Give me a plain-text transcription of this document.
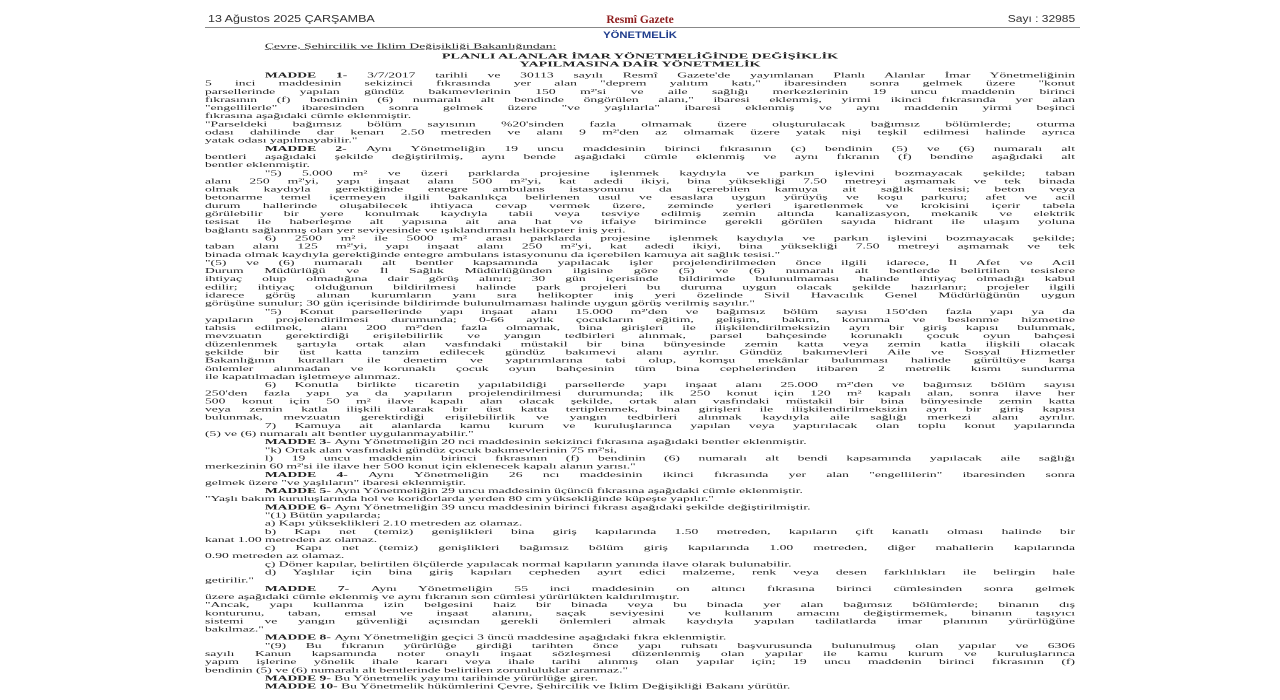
13 Ağustos 2025 ÇARŞAMBA	Resmî Gazete	Sayı : 32985
YÖNETMELİK
Çevre, Şehircilik ve İklim Değişikliği Bakanlığından:
PLANLI ALANLAR İMAR YÖNETMELİĞİNDE DEĞİŞİKLİK
YAPILMASINA DAİR YÖNETMELİK
MADDE 1- 3/7/2017 tarihli ve 30113 sayılı Resmî Gazete'de yayımlanan Planlı Alanlar İmar Yönetmeliğinin
5 inci maddesinin sekizinci fıkrasında yer alan "deprem yalıtım katı," ibaresinden sonra gelmek üzere "konut
parsellerinde yapılan gündüz bakımevlerinin 150 m²'si ve aile sağlığı merkezlerinin 19 uncu maddenin birinci
fıkrasının (f) bendinin (6) numaralı alt bendinde öngörülen alanı," ibaresi eklenmiş, yirmi ikinci fıkrasında yer alan
"engellilerle" ibaresinden sonra gelmek üzere "ve yaşlılarla" ibaresi eklenmiş ve aynı maddenin yirmi beşinci
fıkrasına aşağıdaki cümle eklenmiştir.
"Parseldeki bağımsız bölüm sayısının %20'sinden fazla olmamak üzere oluşturulacak bağımsız bölümlerde; oturma
odası dahilinde dar kenarı 2.50 metreden ve alanı 9 m²'den az olmamak üzere yatak nişi teşkil edilmesi halinde ayrıca
yatak odası yapılmayabilir."
MADDE 2- Aynı Yönetmeliğin 19 uncu maddesinin birinci fıkrasının (c) bendinin (5) ve (6) numaralı alt
bentleri aşağıdaki şekilde değiştirilmiş, aynı bende aşağıdaki cümle eklenmiş ve aynı fıkranın (f) bendine aşağıdaki alt
bentler eklenmiştir.
"5) 5.000 m² ve üzeri parklarda projesine işlenmek kaydıyla ve parkın işlevini bozmayacak şekilde; taban
alanı 250 m²'yi, yapı inşaat alanı 500 m²'yi, kat adedi ikiyi, bina yüksekliği 7.50 metreyi aşmamak ve tek binada
olmak kaydıyla gerektiğinde entegre ambulans istasyonunu da içerebilen kamuya ait sağlık tesisi; beton veya
betonarme temel içermeyen ilgili bakanlıkça belirlenen usul ve esaslara uygun yürüyüş ve koşu parkuru; afet ve acil
durum hallerinde oluşabilecek ihtiyaca cevap vermek üzere, zeminde yerleri işaretlenmek ve krokisini içerir tabela
görülebilir bir yere konulmak kaydıyla tabii veya tesviye edilmiş zemin altında kanalizasyon, mekanik ve elektrik
tesisat ile haberleşme alt yapısına ait ana hat ve itfaiye birimince gerekli görülen sayıda hidrant ile ulaşım yoluna
bağlantı sağlanmış olan yer seviyesinde ve ışıklandırmalı helikopter iniş yeri.
6) 2500 m² ile 5000 m² arası parklarda projesine işlenmek kaydıyla ve parkın işlevini bozmayacak şekilde;
taban alanı 125 m²'yi, yapı inşaat alanı 250 m²'yi, kat adedi ikiyi, bina yüksekliği 7.50 metreyi aşmamak ve tek
binada olmak kaydıyla gerektiğinde entegre ambulans istasyonunu da içerebilen kamuya ait sağlık tesisi."
"(5) ve (6) numaralı alt bentler kapsamında yapılacak işler projelendirilmeden önce ilgili idarece, İl Afet ve Acil
Durum Müdürlüğü ve İl Sağlık Müdürlüğünden ilgisine göre (5) ve (6) numaralı alt bentlerde belirtilen tesislere
ihtiyaç olup olmadığına dair görüş alınır; 30 gün içerisinde bildirimde bulunulmaması halinde ihtiyaç olmadığı kabul
edilir; ihtiyaç olduğunun bildirilmesi halinde park projeleri bu duruma uygun olacak şekilde hazırlanır; projeler ilgili
idarece görüş alınan kurumların yanı sıra helikopter iniş yeri özelinde Sivil Havacılık Genel Müdürlüğünün uygun
görüşüne sunulur; 30 gün içerisinde bildirimde bulunulmaması halinde uygun görüş verilmiş sayılır."
"5) Konut parsellerinde yapı inşaat alanı 15.000 m²'den ve bağımsız bölüm sayısı 150'den fazla yapı ya da
yapıların projelendirilmesi durumunda; 0-66 aylık çocukların eğitim, gelişim, bakım, korunma ve beslenme hizmetine
tahsis edilmek, alanı 200 m²'den fazla olmamak, bina girişleri ile ilişkilendirilmeksizin ayrı bir giriş kapısı bulunmak,
mevzuatın gerektirdiği erişilebilirlik ve yangın tedbirleri alınmak, parsel bahçesinde korunaklı çocuk oyun bahçesi
düzenlenmek şartıyla ortak alan vasfındaki müstakil bir bina bünyesinde zemin katta veya zemin katla ilişkili olacak
şekilde bir üst katta tanzim edilecek gündüz bakımevi alanı ayrılır. Gündüz bakımevleri Aile ve Sosyal Hizmetler
Bakanlığının kuralları ile denetim ve yaptırımlarına tabi olup, komşu mekânlar bulunması halinde gürültüye karşı
önlemler alınmadan ve korunaklı çocuk oyun bahçesinin tüm bina cephelerinden itibaren 2 metrelik kısmı sundurma
ile kapatılmadan işletmeye alınmaz.
6) Konutla birlikte ticaretin yapılabildiği parsellerde yapı inşaat alanı 25.000 m²'den ve bağımsız bölüm sayısı
250'den fazla yapı ya da yapıların projelendirilmesi durumunda; ilk 250 konut için 120 m² kapalı alan, sonra ilave her
500 konut için 50 m² ilave kapalı alan olacak şekilde, ortak alan vasfındaki müstakil bir bina bünyesinde zemin katta
veya zemin katla ilişkili olarak bir üst katta tertiplenmek, bina girişleri ile ilişkilendirilmeksizin ayrı bir giriş kapısı
bulunmak, mevzuatın gerektirdiği erişilebilirlik ve yangın tedbirleri alınmak kaydıyla aile sağlığı merkezi alanı ayrılır.
7) Kamuya ait alanlarda kamu kurum ve kuruluşlarınca yapılan veya yaptırılacak olan toplu konut yapılarında
(5) ve (6) numaralı alt bentler uygulanmayabilir."
MADDE 3- Aynı Yönetmeliğin 20 nci maddesinin sekizinci fıkrasına aşağıdaki bentler eklenmiştir.
"k) Ortak alan vasfındaki gündüz çocuk bakımevlerinin 75 m²'si,
l) 19 uncu maddenin birinci fıkrasının (f) bendinin (6) numaralı alt bendi kapsamında yapılacak aile sağlığı
merkezinin 60 m²'si ile ilave her 500 konut için eklenecek kapalı alanın yarısı."
MADDE 4- Aynı Yönetmeliğin 26 ncı maddesinin ikinci fıkrasında yer alan "engellilerin" ibaresinden sonra
gelmek üzere "ve yaşlıların" ibaresi eklenmiştir.
MADDE 5- Aynı Yönetmeliğin 29 uncu maddesinin üçüncü fıkrasına aşağıdaki cümle eklenmiştir.
"Yaşlı bakım kuruluşlarında hol ve koridorlarda yerden 80 cm yüksekliğinde küpeşte yapılır."
MADDE 6- Aynı Yönetmeliğin 39 uncu maddesinin birinci fıkrası aşağıdaki şekilde değiştirilmiştir.
"(1) Bütün yapılarda;
a) Kapı yükseklikleri 2.10 metreden az olamaz.
b) Kapı net (temiz) genişlikleri bina giriş kapılarında 1.50 metreden, kapıların çift kanatlı olması halinde bir
kanat 1.00 metreden az olamaz.
c) Kapı net (temiz) genişlikleri bağımsız bölüm giriş kapılarında 1.00 metreden, diğer mahallerin kapılarında
0.90 metreden az olamaz.
ç) Döner kapılar, belirtilen ölçülerde yapılacak normal kapıların yanında ilave olarak bulunabilir.
d) Yaşlılar için bina giriş kapıları cepheden ayırt edici malzeme, renk veya desen farklılıkları ile belirgin hale
getirilir."
MADDE 7- Aynı Yönetmeliğin 55 inci maddesinin on altıncı fıkrasına birinci cümlesinden sonra gelmek
üzere aşağıdaki cümle eklenmiş ve aynı fıkranın son cümlesi yürürlükten kaldırılmıştır.
"Ancak, yapı kullanma izin belgesini haiz bir binada veya bu binada yer alan bağımsız bölümlerde; binanın dış
konturunu, taban, emsal ve inşaat alanını, saçak seviyesini ve kullanım amacını değiştirmemek, binanın taşıyıcı
sistemi ve yangın güvenliği açısından gerekli önlemleri almak kaydıyla yapılan tadilatlarda imar planının yürürlüğüne
bakılmaz."
MADDE 8- Aynı Yönetmeliğin geçici 3 üncü maddesine aşağıdaki fıkra eklenmiştir.
"(9) Bu fıkranın yürürlüğe girdiği tarihten önce yapı ruhsatı başvurusunda bulunulmuş olan yapılar ve 6306
sayılı Kanun kapsamında noter onaylı inşaat sözleşmesi düzenlenmiş olan yapılar ile kamu kurum ve kuruluşlarınca
yapım işlerine yönelik ihale kararı veya ihale tarihi alınmış olan yapılar için; 19 uncu maddenin birinci fıkrasının (f)
bendinin (5) ve (6) numaralı alt bentlerinde belirtilen zorunluluklar aranmaz."
MADDE 9- Bu Yönetmelik yayımı tarihinde yürürlüğe girer.
MADDE 10- Bu Yönetmelik hükümlerini Çevre, Şehircilik ve İklim Değişikliği Bakanı yürütür.
